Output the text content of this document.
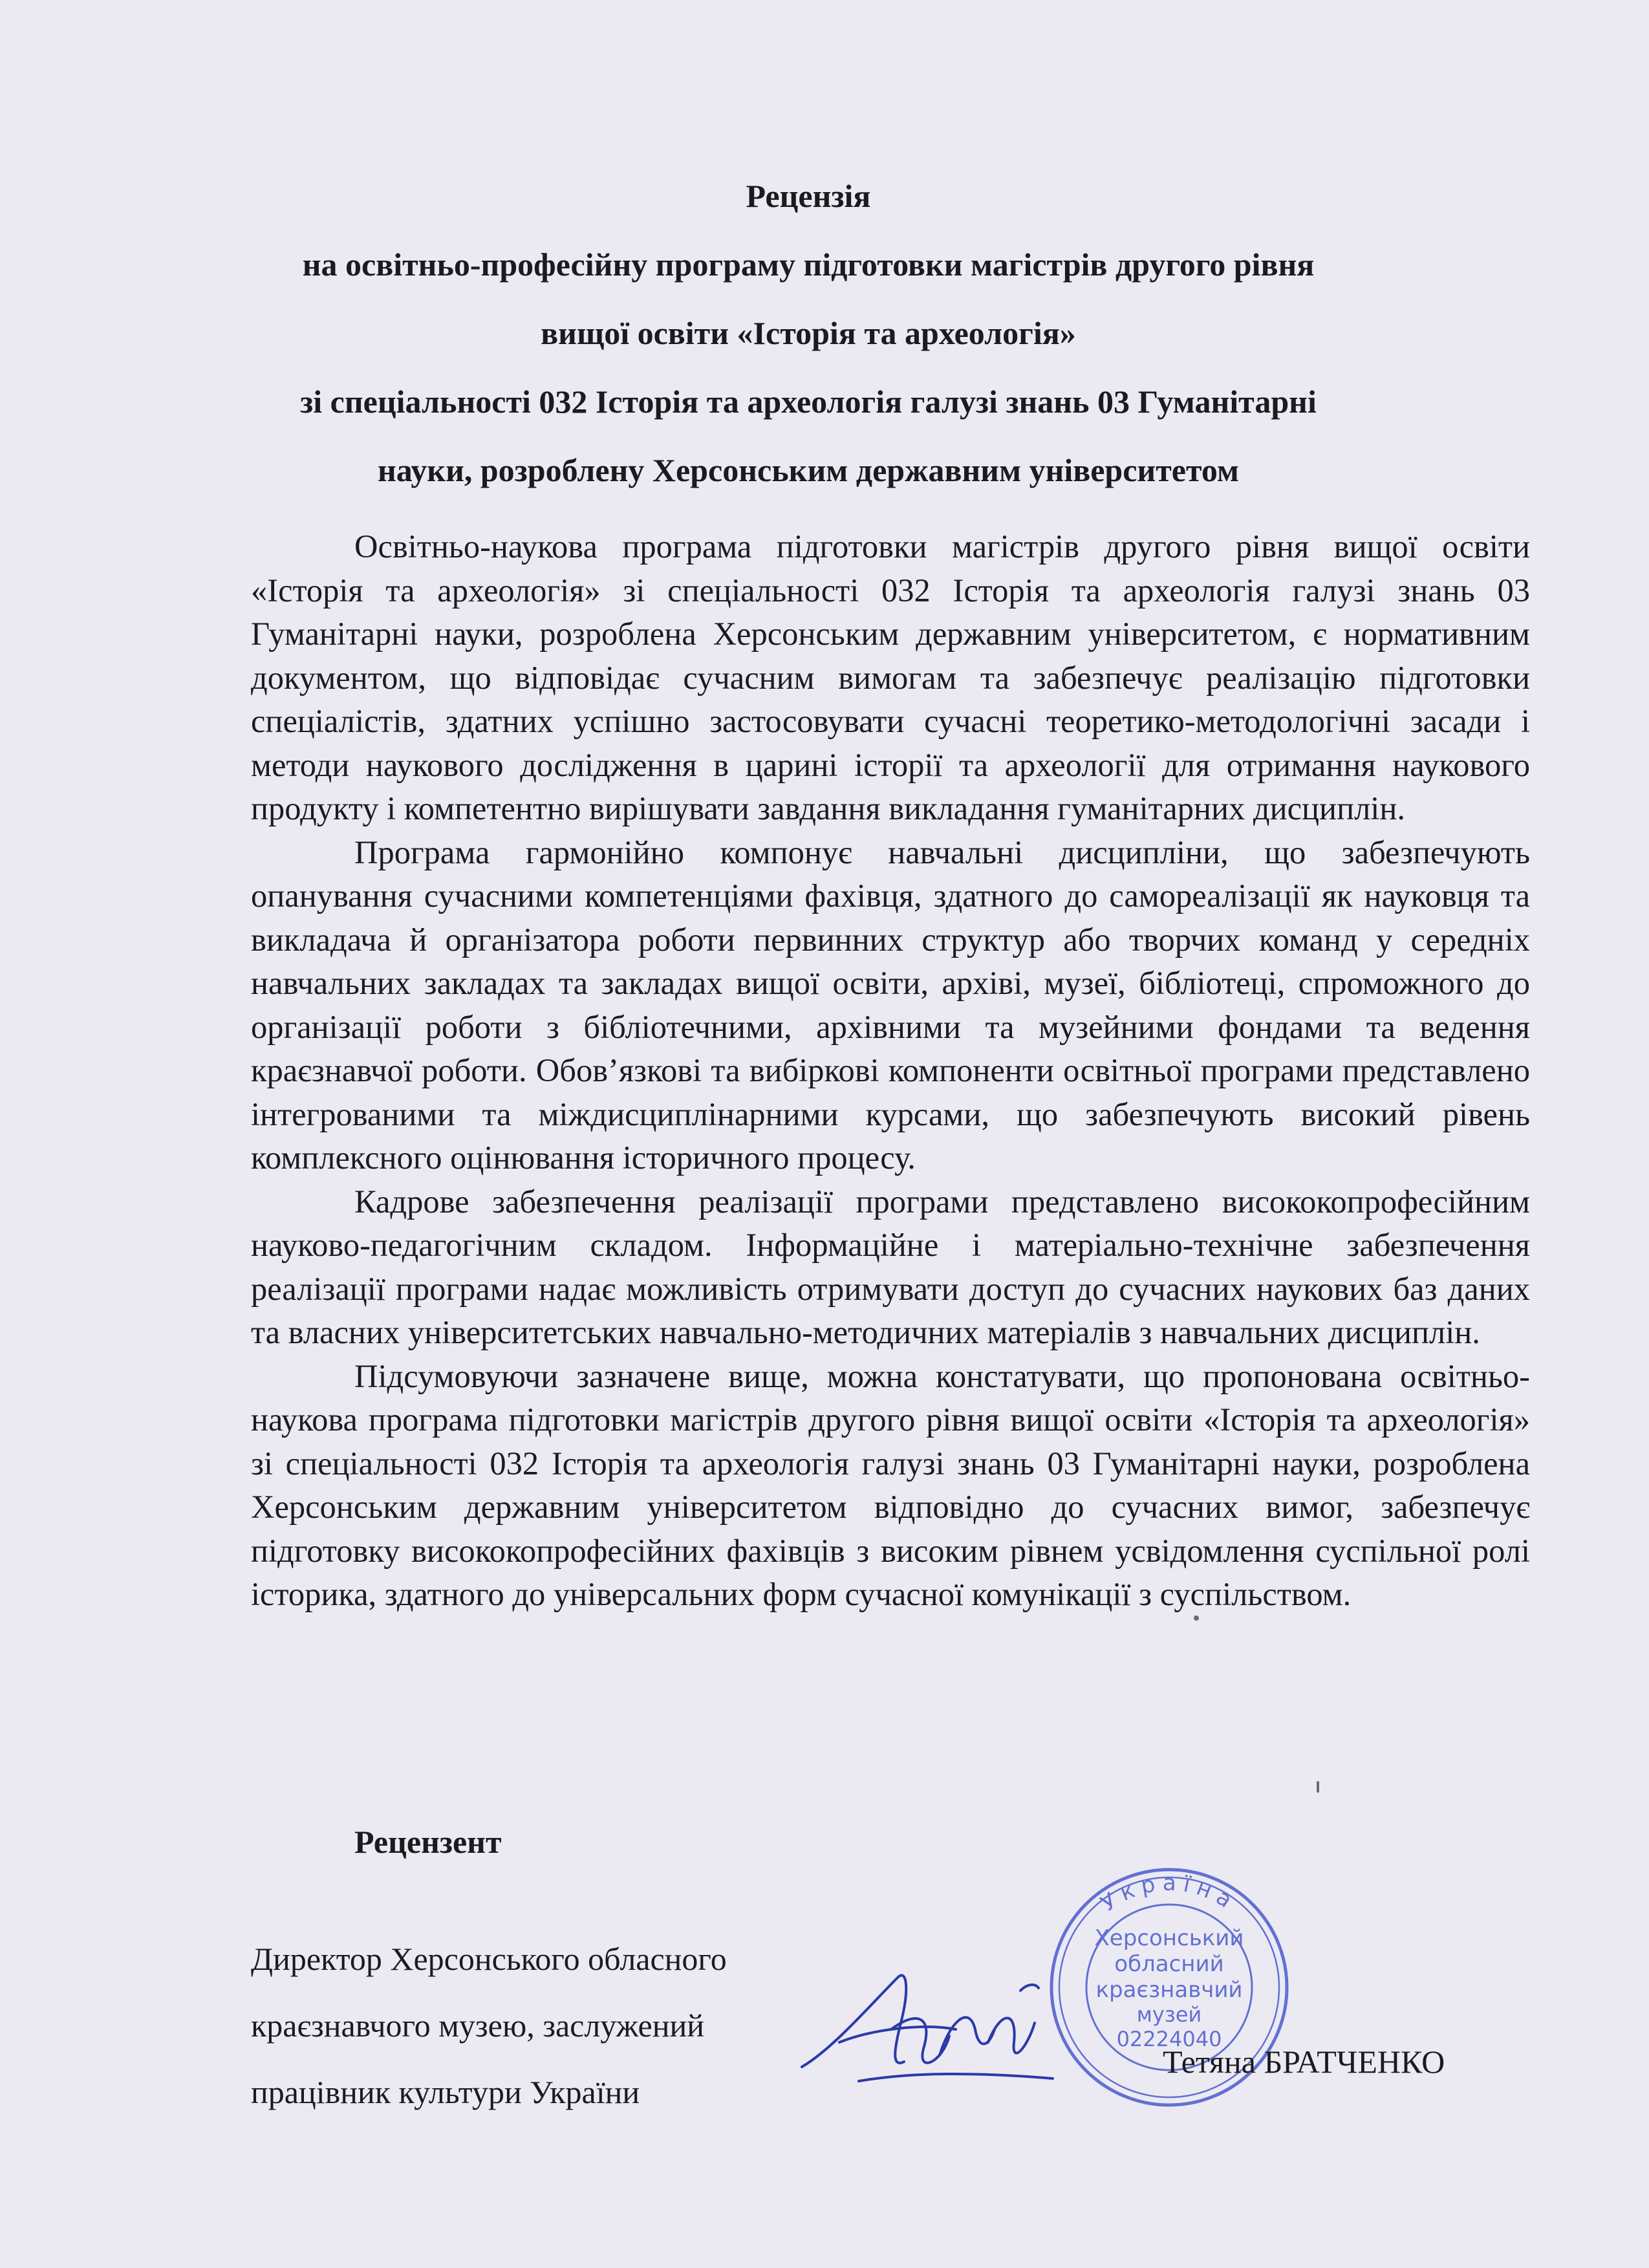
Рецензія
на освітньо-професійну програму підготовки магістрів другого рівня
вищої освіти «Історія та археологія»
зі спеціальності 032 Історія та археологія галузі знань 03 Гуманітарні
науки, розроблену Херсонським державним університетом

Освітньо-наукова програма підготовки магістрів другого рівня вищої освіти «Історія та археологія» зі спеціальності 032 Історія та археологія галузі знань 03 Гуманітарні науки, розроблена Херсонським державним університетом, є нормативним документом, що відповідає сучасним вимогам та забезпечує реалізацію підготовки спеціалістів, здатних успішно застосовувати сучасні теоретико-методологічні засади і методи наукового дослідження в царині історії та археології для отримання наукового продукту і компетентно вирішувати завдання викладання гуманітарних дисциплін.

Програма гармонійно компонує навчальні дисципліни, що забезпечують опанування сучасними компетенціями фахівця, здатного до самореалізації як науковця та викладача й організатора роботи первинних структур або творчих команд у середніх навчальних закладах та закладах вищої освіти, архіві, музеї, бібліотеці, спроможного до організації роботи з бібліотечними, архівними та музейними фондами та ведення краєзнавчої роботи. Обов’язкові та вибіркові компоненти освітньої програми представлено інтегрованими та міждисциплінарними курсами, що забезпечують високий рівень комплексного оцінювання історичного процесу.

Кадрове забезпечення реалізації програми представлено висококопрофесійним науково-педагогічним складом. Інформаційне і матеріально-технічне забезпечення реалізації програми надає можливість отримувати доступ до сучасних наукових баз даних та власних університетських навчально-методичних матеріалів з навчальних дисциплін.

Підсумовуючи зазначене вище, можна констатувати, що пропонована освітньо-наукова програма підготовки магістрів другого рівня вищої освіти «Історія та археологія» зі спеціальності 032 Історія та археологія галузі знань 03 Гуманітарні науки, розроблена Херсонським державним університетом відповідно до сучасних вимог, забезпечує підготовку висококопрофесійних фахівців з високим рівнем усвідомлення суспільної ролі історика, здатного до універсальних форм сучасної комунікації з суспільством.

Рецензент
Директор Херсонського обласного
краєзнавчого музею, заслужений
працівник культури України
Україна
Херсонський
обласний
краєзнавчий
музей
02224040
Тетяна БРАТЧЕНКО
